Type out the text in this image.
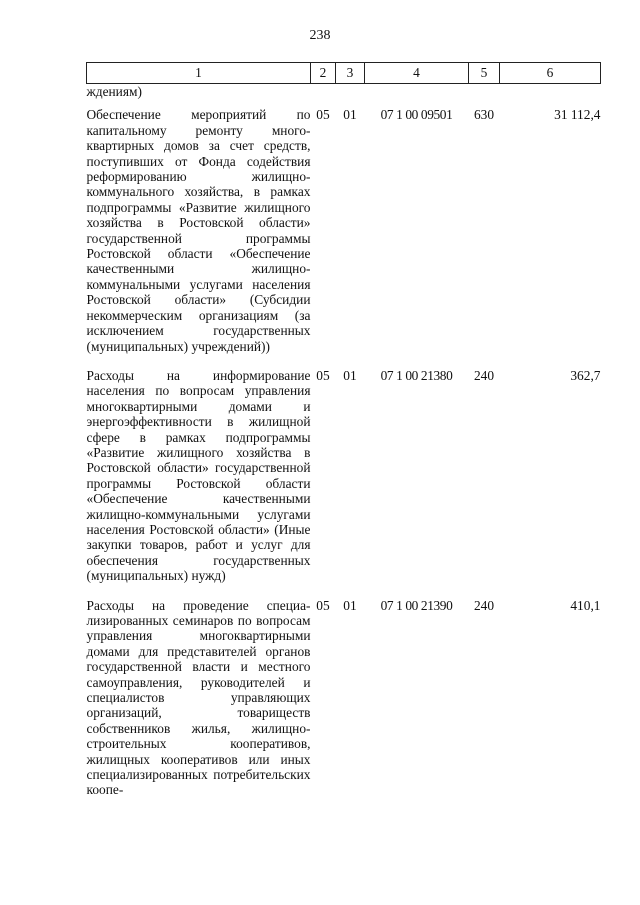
238
1	2	3	4	5	6
ждениям)					
Обеспечение мероприятий по капитальному ремонту многоквартирных домов за счет средств, поступивших от Фонда содействия реформированию жилищно-коммунального хозяйства, в рамках подпрограммы «Развитие жилищного хозяйства в Ростовской области» государственной программы Ростовской области «Обеспечение качественными жилищно-коммунальными услугами населения Ростовской области» (Субсидии некоммерческим организациям (за исключением государственных (муниципальных) учреждений))	05	01	07 1 00 09501	630	31 112,4
Расходы на информирование населения по вопросам управления многоквартирными домами и энергоэффективности в жилищной сфере в рамках подпрограммы «Развитие жилищного хозяйства в Ростовской области» государственной программы Ростовской области «Обеспечение качественными жилищно-коммунальными услугами населения Ростовской области» (Иные закупки товаров, работ и услуг для обеспечения государственных (муниципальных) нужд)	05	01	07 1 00 21380	240	362,7
Расходы на проведение специализированных семинаров по вопросам управления многоквартирными домами для представителей органов государственной власти и местного самоуправления, руководителей и специалистов управляющих организаций, товариществ собственников жилья, жилищно-строительных кооперативов, жилищных кооперативов или иных специализированных потребительских коопе-	05	01	07 1 00 21390	240	410,1
